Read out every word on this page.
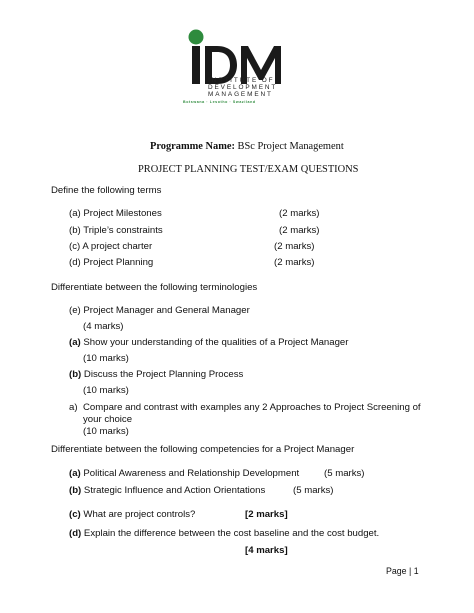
INSTITUTE OF
DEVELOPMENT
MANAGEMENT
Botswana · Lesotho · Swaziland
Programme Name: BSc Project Management
PROJECT PLANNING TEST/EXAM QUESTIONS
Define the following terms
(a) Project Milestones	(2 marks)
(b) Triple’s constraints	(2 marks)
(c) A project charter	(2 marks)
(d) Project Planning	(2 marks)
Differentiate between the following terminologies
(e) Project Manager and General Manager
(4 marks)
(a) Show your understanding of the qualities of a Project Manager
(10 marks)
(b) Discuss the Project Planning Process
(10 marks)
a) Compare and contrast with examples any 2 Approaches to Project Screening of
your choice
(10 marks)
Differentiate between the following competencies for a Project Manager
(a) Political Awareness and Relationship Development	(5 marks)
(b) Strategic Influence and Action Orientations	(5 marks)
(c) What are project controls?	[2 marks]
(d) Explain the difference between the cost baseline and the cost budget.
[4 marks]
Page | 1
